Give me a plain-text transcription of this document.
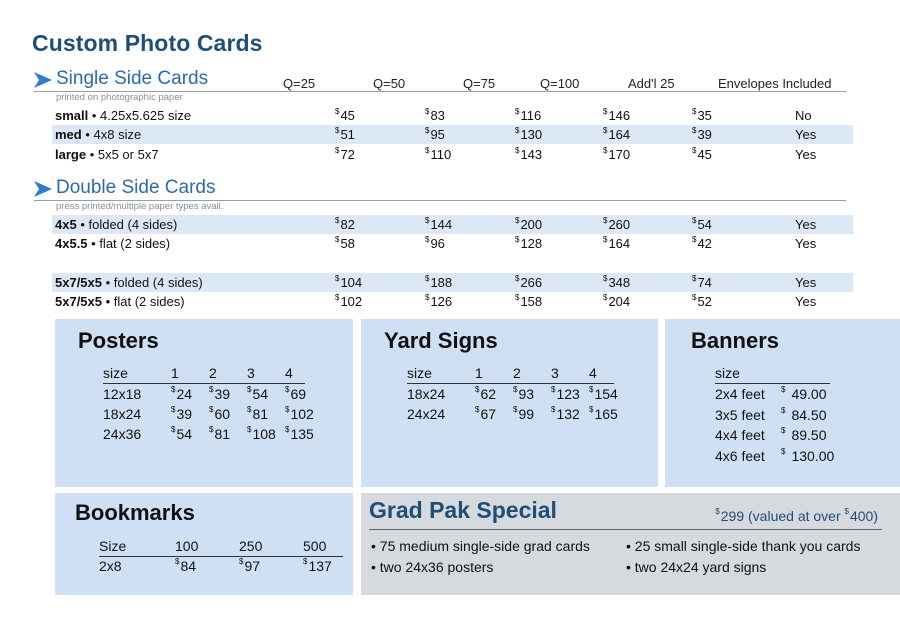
Custom Photo Cards
Single Side Cards
printed on photographic paper
Q=25	Q=50	Q=75	Q=100	Add'l 25	Envelopes Included
small • 4.25x5.625 size	$45	$83	$116	$146	$35	No
med • 4x8 size	$51	$95	$130	$164	$39	Yes
large • 5x5 or 5x7	$72	$110	$143	$170	$45	Yes
Double Side Cards
press printed/multiple paper types avail.
4x5 • folded (4 sides)	$82	$144	$200	$260	$54	Yes
4x5.5 • flat (2 sides)	$58	$96	$128	$164	$42	Yes
5x7/5x5 • folded (4 sides)	$104	$188	$266	$348	$74	Yes
5x7/5x5 • flat (2 sides)	$102	$126	$158	$204	$52	Yes
Posters
size	1 2 3 4
12x18	$24 $39 $54 $69
18x24	$39 $60 $81 $102
24x36	$54 $81 $108 $135
Yard Signs
size	1 2 3 4
18x24	$62 $93 $123 $154
24x24	$67 $99 $132 $165
Banners
size
2x4 feet $ 49.00
3x5 feet $ 84.50
4x4 feet $ 89.50
4x6 feet $ 130.00
Bookmarks
Size	100	250	500
2x8	$84	$97	$137
Grad Pak Special	$299 (valued at over $400)
• 75 medium single-side grad cards
• two 24x36 posters
• 25 small single-side thank you cards
• two 24x24 yard signs
